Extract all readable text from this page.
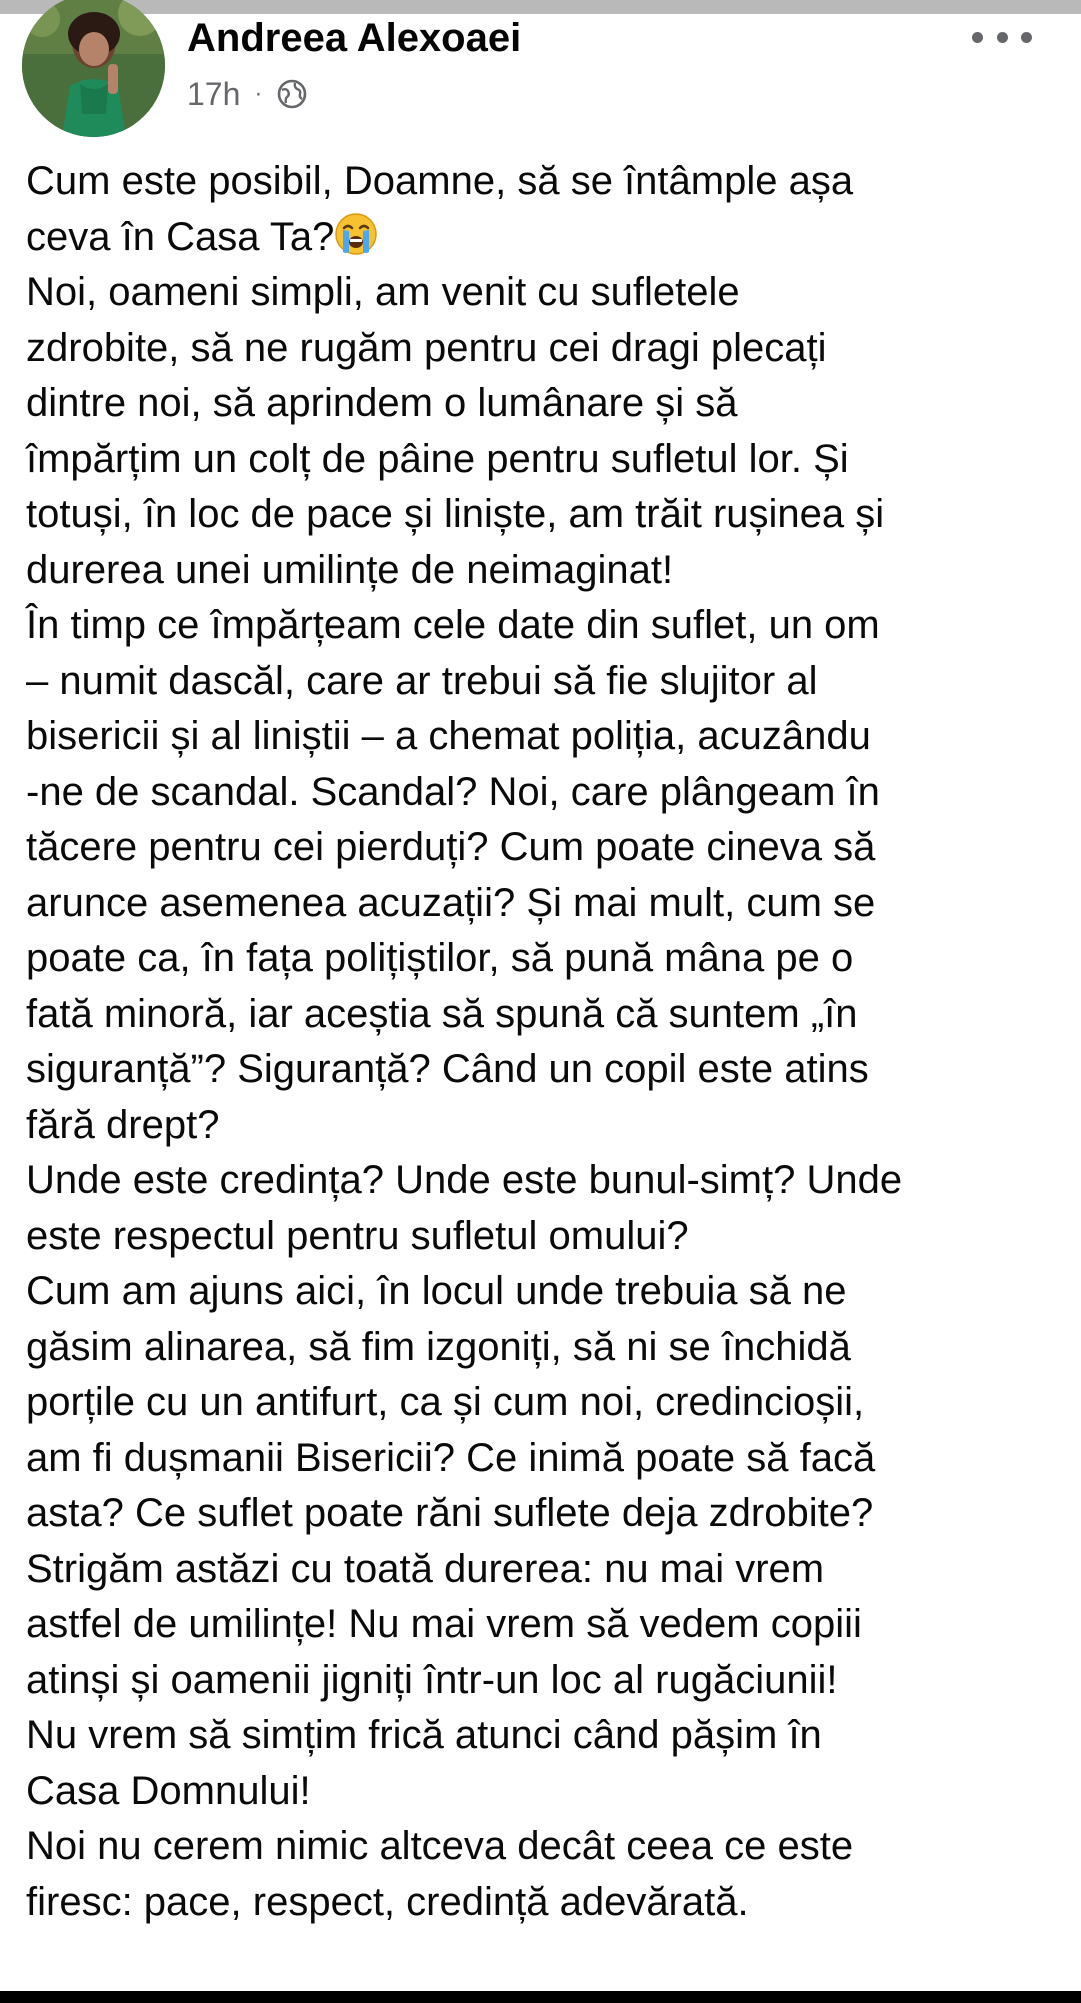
Andreea Alexoaei
17h ·
Cum este posibil, Doamne, să se întâmple așa
ceva în Casa Ta?
Noi, oameni simpli, am venit cu sufletele
zdrobite, să ne rugăm pentru cei dragi plecați
dintre noi, să aprindem o lumânare și să
împărțim un colț de pâine pentru sufletul lor. Și
totuși, în loc de pace și liniște, am trăit rușinea și
durerea unei umilințe de neimaginat!
În timp ce împărțeam cele date din suflet, un om
– numit dascăl, care ar trebui să fie slujitor al
bisericii și al liniștii – a chemat poliția, acuzându
-ne de scandal. Scandal? Noi, care plângeam în
tăcere pentru cei pierduți? Cum poate cineva să
arunce asemenea acuzații? Și mai mult, cum se
poate ca, în fața polițiștilor, să pună mâna pe o
fată minoră, iar aceștia să spună că suntem „în
siguranță”? Siguranță? Când un copil este atins
fără drept?
Unde este credința? Unde este bunul-simț? Unde
este respectul pentru sufletul omului?
Cum am ajuns aici, în locul unde trebuia să ne
găsim alinarea, să fim izgoniți, să ni se închidă
porțile cu un antifurt, ca și cum noi, credincioșii,
am fi dușmanii Bisericii? Ce inimă poate să facă
asta? Ce suflet poate răni suflete deja zdrobite?
Strigăm astăzi cu toată durerea: nu mai vrem
astfel de umilințe! Nu mai vrem să vedem copiii
atinși și oamenii jigniți într-un loc al rugăciunii!
Nu vrem să simțim frică atunci când pășim în
Casa Domnului!
Noi nu cerem nimic altceva decât ceea ce este
firesc: pace, respect, credință adevărată.
